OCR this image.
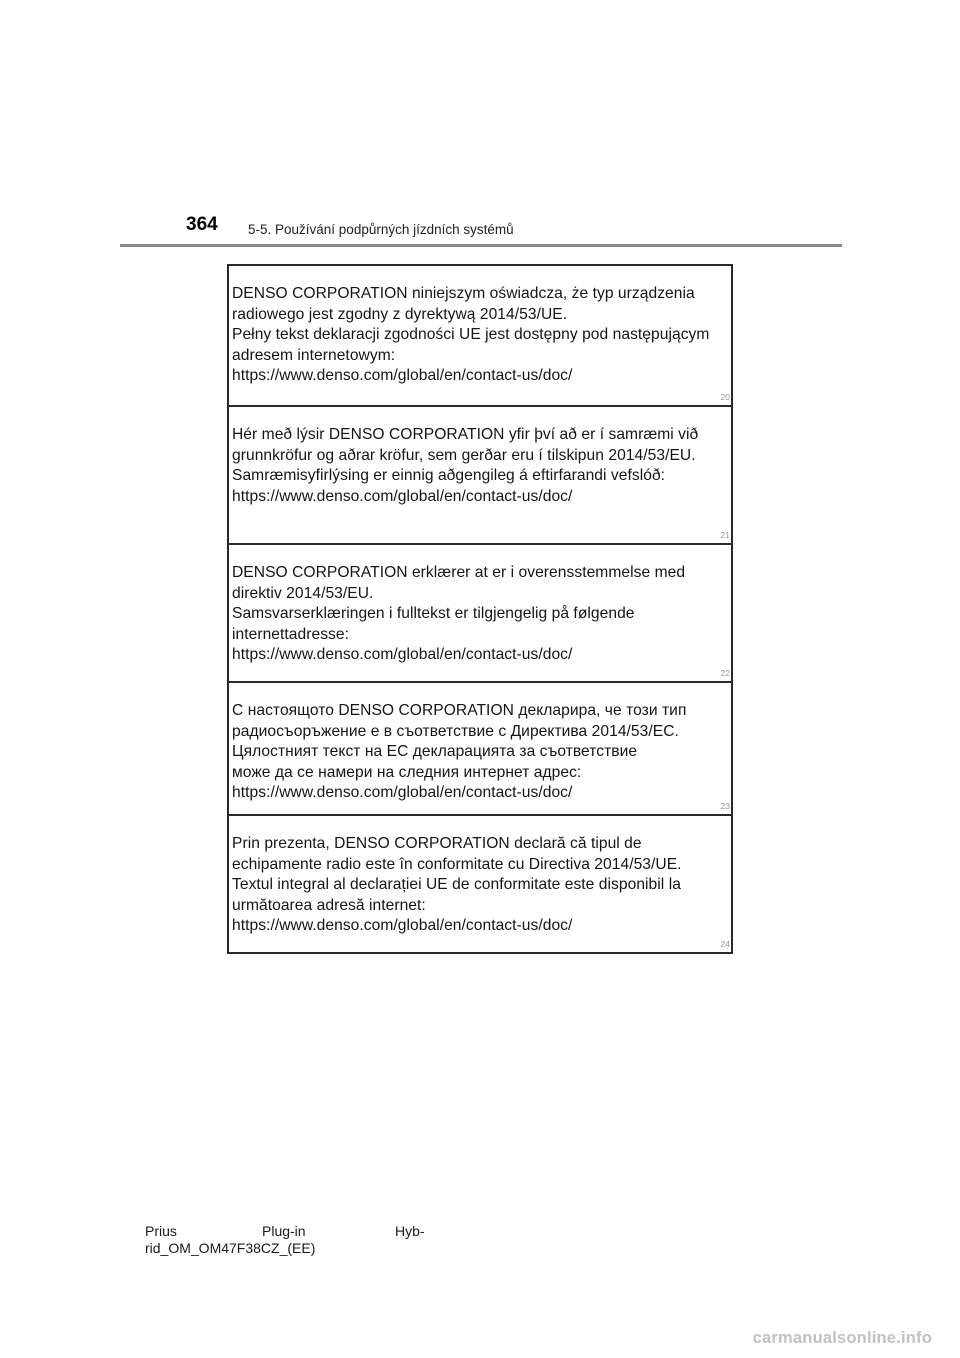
364 5-5. Používání podpůrných jízdních systémů
DENSO CORPORATION niniejszym oświadcza, że typ urządzenia
radiowego jest zgodny z dyrektywą 2014/53/UE.
Pełny tekst deklaracji zgodności UE jest dostępny pod następującym
adresem internetowym:
https://www.denso.com/global/en/contact-us/doc/
20
Hér með lýsir DENSO CORPORATION yfir því að er í samræmi við
grunnkröfur og aðrar kröfur, sem gerðar eru í tilskipun 2014/53/EU.
Samræmisyfirlýsing er einnig aðgengileg á eftirfarandi vefslóð:
https://www.denso.com/global/en/contact-us/doc/
21
DENSO CORPORATION erklærer at er i overensstemmelse med
direktiv 2014/53/EU.
Samsvarserklæringen i fulltekst er tilgjengelig på følgende
internettadresse:
https://www.denso.com/global/en/contact-us/doc/
22
С настоящото DENSO CORPORATION декларира, че този тип
радиосъоръжение е в съответствие с Директива 2014/53/ЕС.
Цялостният текст на ЕС декларацията за съответствие
може да се намери на следния интернет адрес:
https://www.denso.com/global/en/contact-us/doc/
23
Prin prezenta, DENSO CORPORATION declară că tipul de
echipamente radio este în conformitate cu Directiva 2014/53/UE.
Textul integral al declarației UE de conformitate este disponibil la
următoarea adresă internet:
https://www.denso.com/global/en/contact-us/doc/
24
Prius	Plug-in	Hyb-
rid_OM_OM47F38CZ_(EE)
carmanualsonline.info
